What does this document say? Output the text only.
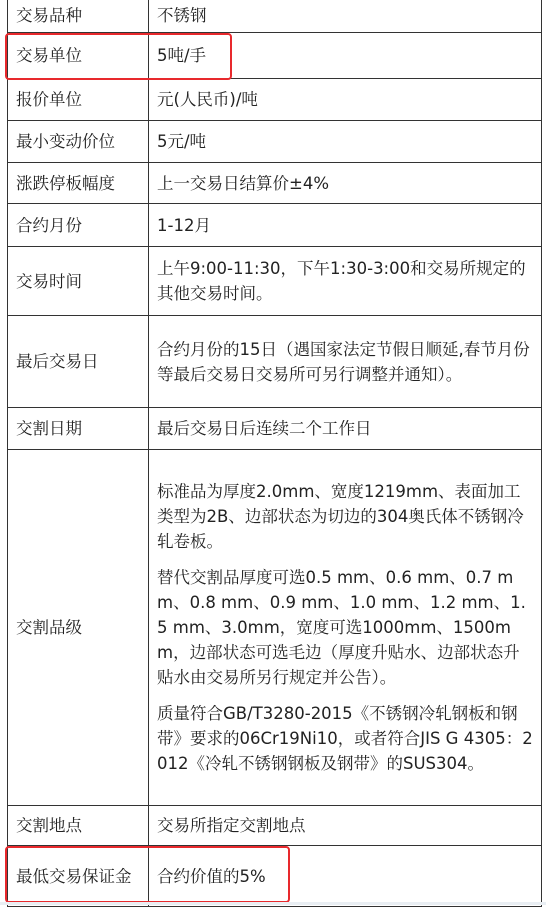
交易品种	不锈钢
交易单位	5吨/手
报价单位	元(人民币)/吨
最小变动价位	5元/吨
涨跌停板幅度	上一交易日结算价±4%
合约月份	1-12月
交易时间	上午9:00-11:30，下午1:30-3:00和交易所规定的其他交易时间。
最后交易日	合约月份的15日（遇国家法定节假日顺延,春节月份等最后交易日交易所可另行调整并通知）。
交割日期	最后交易日后连续二个工作日
交割品级	标准品为厚度2.0mm、宽度1219mm、表面加工类型为2B、边部状态为切边的304奥氏体不锈钢冷轧卷板。

替代交割品厚度可选0.5 mm、0.6 mm、0.7 mm、0.8 mm、0.9 mm、1.0 mm、1.2 mm、1.5 mm、3.0mm，宽度可选1000mm、1500mm，边部状态可选毛边（厚度升贴水、边部状态升贴水由交易所另行规定并公告）。

质量符合GB/T3280-2015《不锈钢冷轧钢板和钢带》要求的06Cr19Ni10，或者符合JIS G 4305：2012《冷轧不锈钢钢板及钢带》的SUS304。

交割地点	交易所指定交割地点
最低交易保证金	合约价值的5%
